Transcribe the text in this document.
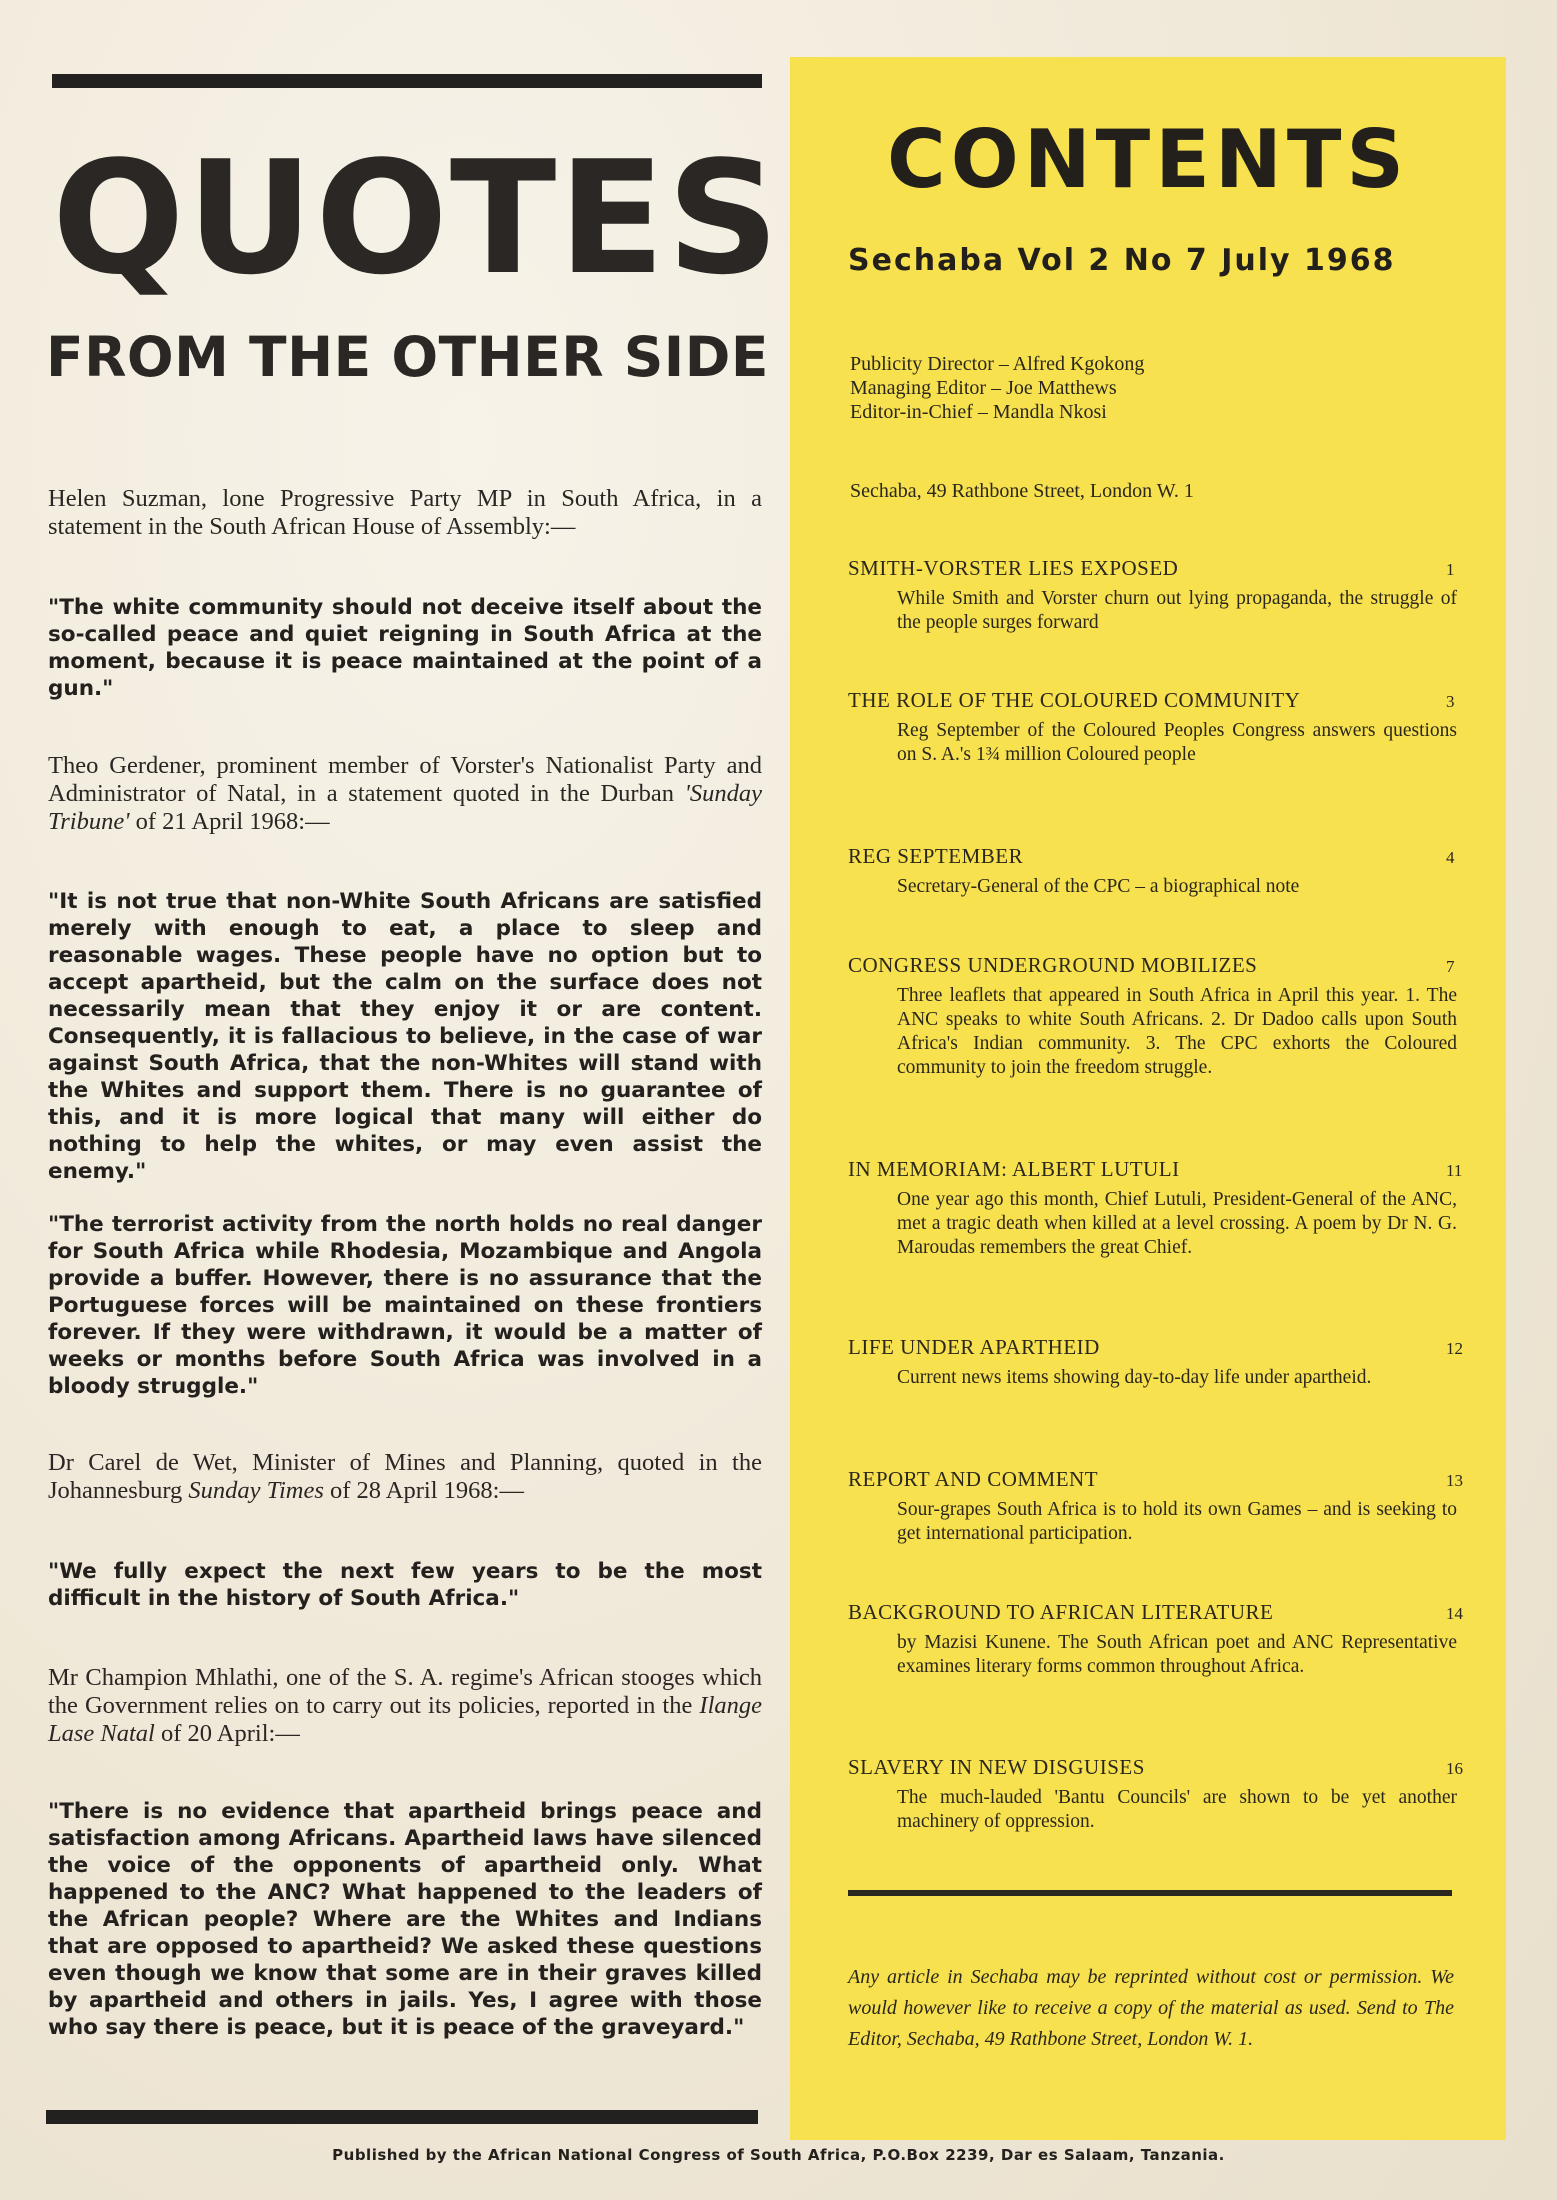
QUOTES
FROM THE OTHER SIDE
Helen Suzman, lone Progressive Party MP in South Africa, in a statement in the South African House of Assembly:—
"The white community should not deceive itself about the so-called peace and quiet reigning in South Africa at the moment, because it is peace maintained at the point of a gun."
Theo Gerdener, prominent member of Vorster's Nationalist Party and Administrator of Natal, in a statement quoted in the Durban 'Sunday Tribune' of 21 April 1968:—
"It is not true that non-White South Africans are satisfied merely with enough to eat, a place to sleep and reasonable wages. These people have no option but to accept apartheid, but the calm on the surface does not necessarily mean that they enjoy it or are content. Consequently, it is fallacious to believe, in the case of war against South Africa, that the non-Whites will stand with the Whites and support them. There is no guarantee of this, and it is more logical that many will either do nothing to help the whites, or may even assist the enemy."
"The terrorist activity from the north holds no real danger for South Africa while Rhodesia, Mozambique and Angola provide a buffer. However, there is no assurance that the Portuguese forces will be maintained on these frontiers forever. If they were withdrawn, it would be a matter of weeks or months before South Africa was involved in a bloody struggle."
Dr Carel de Wet, Minister of Mines and Planning, quoted in the Johannesburg Sunday Times of 28 April 1968:—
"We fully expect the next few years to be the most difficult in the history of South Africa."
Mr Champion Mhlathi, one of the S. A. regime's African stooges which the Government relies on to carry out its policies, reported in the Ilange Lase Natal of 20 April:—
"There is no evidence that apartheid brings peace and satisfaction among Africans. Apartheid laws have silenced the voice of the opponents of apartheid only. What happened to the ANC? What happened to the leaders of the African people? Where are the Whites and Indians that are opposed to apartheid? We asked these questions even though we know that some are in their graves killed by apartheid and others in jails. Yes, I agree with those who say there is peace, but it is peace of the graveyard."
CONTENTS
Sechaba Vol 2 No 7 July 1968
Publicity Director – Alfred Kgokong
Managing Editor – Joe Matthews
Editor-in-Chief – Mandla Nkosi
Sechaba, 49 Rathbone Street, London W. 1
SMITH-VORSTER LIES EXPOSED	1
While Smith and Vorster churn out lying propaganda, the struggle of the people surges forward
THE ROLE OF THE COLOURED COMMUNITY	3
Reg September of the Coloured Peoples Congress answers questions on S. A.'s 1¾ million Coloured people
REG SEPTEMBER	4
Secretary-General of the CPC – a biographical note
CONGRESS UNDERGROUND MOBILIZES	7
Three leaflets that appeared in South Africa in April this year. 1. The ANC speaks to white South Africans. 2. Dr Dadoo calls upon South Africa's Indian community. 3. The CPC exhorts the Coloured community to join the freedom struggle.
IN MEMORIAM: ALBERT LUTULI	11
One year ago this month, Chief Lutuli, President-General of the ANC, met a tragic death when killed at a level crossing. A poem by Dr N. G. Maroudas remembers the great Chief.
LIFE UNDER APARTHEID	12
Current news items showing day-to-day life under apartheid.
REPORT AND COMMENT	13
Sour-grapes South Africa is to hold its own Games – and is seeking to get international participation.
BACKGROUND TO AFRICAN LITERATURE	14
by Mazisi Kunene. The South African poet and ANC Representative examines literary forms common throughout Africa.
SLAVERY IN NEW DISGUISES	16
The much-lauded 'Bantu Councils' are shown to be yet another machinery of oppression.
Any article in Sechaba may be reprinted without cost or permission. We would however like to receive a copy of the material as used. Send to The Editor, Sechaba, 49 Rathbone Street, London W. 1.
Published by the African National Congress of South Africa, P.O.Box 2239, Dar es Salaam, Tanzania.
